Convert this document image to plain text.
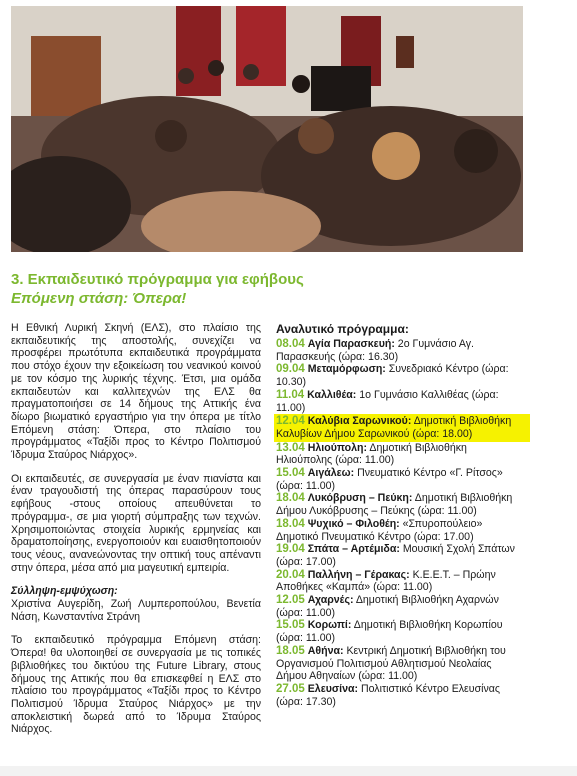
3. Εκπαιδευτικό πρόγραμμα για εφήβους
Επόμενη στάση: Όπερα!

Η Εθνική Λυρική Σκηνή (ΕΛΣ), στο πλαίσιο της εκπαιδευτικής της αποστολής, συνεχίζει να προσφέρει πρωτότυπα εκπαιδευτικά προγράμματα που στόχο έχουν την εξοικείωση του νεανικού κοινού με τον κόσμο της λυρικής τέχνης. Έτσι, μια ομάδα εκπαιδευτών και καλλιτεχνών της ΕΛΣ θα πραγματοποιήσει σε 14 δήμους της Αττικής ένα δίωρο βιωματικό εργαστήριο για την όπερα με τίτλο Επόμενη στάση: Όπερα, στο πλαίσιο του προγράμματος «Ταξίδι προς το Κέντρο Πολιτισμού Ίδρυμα Σταύρος Νιάρχος».

Οι εκπαιδευτές, σε συνεργασία με έναν πιανίστα και έναν τραγουδιστή της όπερας παρασύρουν τους εφήβους -στους οποίους απευθύνεται το πρόγραμμα-, σε μια γιορτή σύμπραξης των τεχνών. Χρησιμοποιώντας στοιχεία λυρικής ερμηνείας και δραματοποίησης, ενεργοποιούν και ευαισθητοποιούν τους νέους, ανανεώνοντας την οπτική τους απέναντι στην όπερα, μέσα από μια μαγευτική εμπειρία.

Σύλληψη-εμψύχωση:

Χριστίνα Αυγερίδη, Ζωή Λυμπεροπούλου, Βενετία Νάση, Κωνσταντίνα Στράνη

Το εκπαιδευτικό πρόγραμμα Επόμενη στάση: Όπερα! θα υλοποιηθεί σε συνεργασία με τις τοπικές βιβλιοθήκες του δικτύου της Future Library, στους δήμους της Αττικής που θα επισκεφθεί η ΕΛΣ στο πλαίσιο του προγράμματος «Ταξίδι προς το Κέντρο Πολιτισμού Ίδρυμα Σταύρος Νιάρχος» με την αποκλειστική δωρεά από το Ίδρυμα Σταύρος Νιάρχος.

Αναλυτικό πρόγραμμα:
08.04 Αγία Παρασκευή: 2ο Γυμνάσιο Αγ. Παρασκευής (ώρα: 16.30)
09.04 Μεταμόρφωση: Συνεδριακό Κέντρο (ώρα: 10.30)
11.04 Καλλιθέα: 1ο Γυμνάσιο Καλλιθέας (ώρα: 11.00)
12.04 Καλύβια Σαρωνικού: Δημοτική Βιβλιοθήκη Καλυβίων Δήμου Σαρωνικού (ώρα: 18.00)
13.04 Ηλιούπολη: Δημοτική Βιβλιοθήκη Ηλιούπολης (ώρα: 11.00)
15.04 Αιγάλεω: Πνευματικό Κέντρο «Γ. Ρίτσος» (ώρα: 11.00)
18.04 Λυκόβρυση – Πεύκη: Δημοτική Βιβλιοθήκη Δήμου Λυκόβρυσης – Πεύκης (ώρα: 11.00)
18.04 Ψυχικό – Φιλοθέη: «Σπυροπούλειο» Δημοτικό Πνευματικό Κέντρο (ώρα: 17.00)
19.04 Σπάτα – Αρτέμιδα: Μουσική Σχολή Σπάτων (ώρα: 17.00)
20.04 Παλλήνη – Γέρακας: Κ.Ε.Ε.Τ. – Πρώην Αποθήκες «Καμπά» (ώρα: 11.00)
12.05 Αχαρνές: Δημοτική Βιβλιοθήκη Αχαρνών (ώρα: 11.00)
15.05 Κορωπί: Δημοτική Βιβλιοθήκη Κορωπίου (ώρα: 11.00)
18.05 Αθήνα: Κεντρική Δημοτική Βιβλιοθήκη του Οργανισμού Πολιτισμού Αθλητισμού Νεολαίας Δήμου Αθηναίων (ώρα: 11.00)
27.05 Ελευσίνα: Πολιτιστικό Κέντρο Ελευσίνας (ώρα: 17.30)
